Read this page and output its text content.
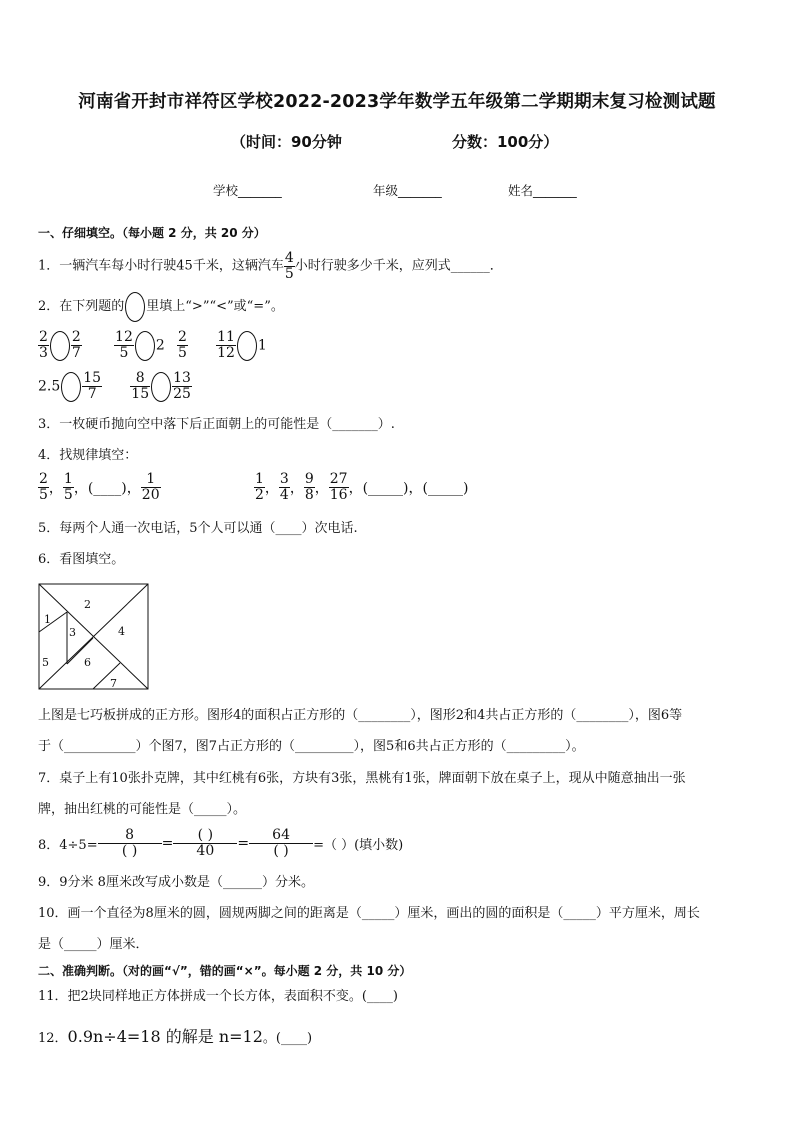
河南省开封市祥符区学校2022-2023学年数学五年级第二学期期末复习检测试题
（时间：90分钟	分数：100分）
学校_______	年级_______	姓名_______
一、仔细填空。（每小题 2 分，共 20 分）
1．一辆汽车每小时行驶45千米，这辆汽车 $\frac{4}{5}$ 小时行驶多少千米，应列式______．
2．在下列题的 里填上“>”“<”或“=”。
$\frac{2}{3} \frac{2}{7}$
$\frac{12}{5} 2 \frac{2}{5}$
$\frac{11}{12} 1$
$2.5 \frac{15}{7}$
$\frac{8}{15} \frac{13}{25}$
3．一枚硬币抛向空中落下后正面朝上的可能性是（_______）.
4．找规律填空：
$\frac{2}{5}$ ， $\frac{1}{5}$ ，(____)， $\frac{1}{20}$	$\frac{1}{2}$ ， $\frac{3}{4}$ ， $\frac{9}{8}$ ， $\frac{27}{16}$ ，(_____)，(_____)
5．每两个人通一次电话，5个人可以通（____）次电话.
6．看图填空。
1
2
3	4
5	6
7
上图是七巧板拼成的正方形。图形4的面积占正方形的（________），图形2和4共占正方形的（________），图6等
于（___________）个图7，图7占正方形的（_________），图5和6共占正方形的（_________）。
7．桌子上有10张扑克牌，其中红桃有6张，方块有3张，黑桃有1张，牌面朝下放在桌子上，现从中随意抽出一张
牌，抽出红桃的可能性是（_____）。
8．$4\div 5= \frac{8}{( )} = \frac{( )}{40} = \frac{64}{( )}$ =（ ）(填小数)
9．9分米 8厘米改写成小数是（______）分米。
10．画一个直径为8厘米的圆，圆规两脚之间的距离是（_____）厘米，画出的圆的面积是（_____）平方厘米，周长
是（_____）厘米．
二、准确判断。（对的画“√”，错的画“×”。每小题 2 分，共 10 分）
11．把2块同样地正方体拼成一个长方体，表面积不变。(____)
12．0.9n÷4=18 的解是 n=12。(____)
